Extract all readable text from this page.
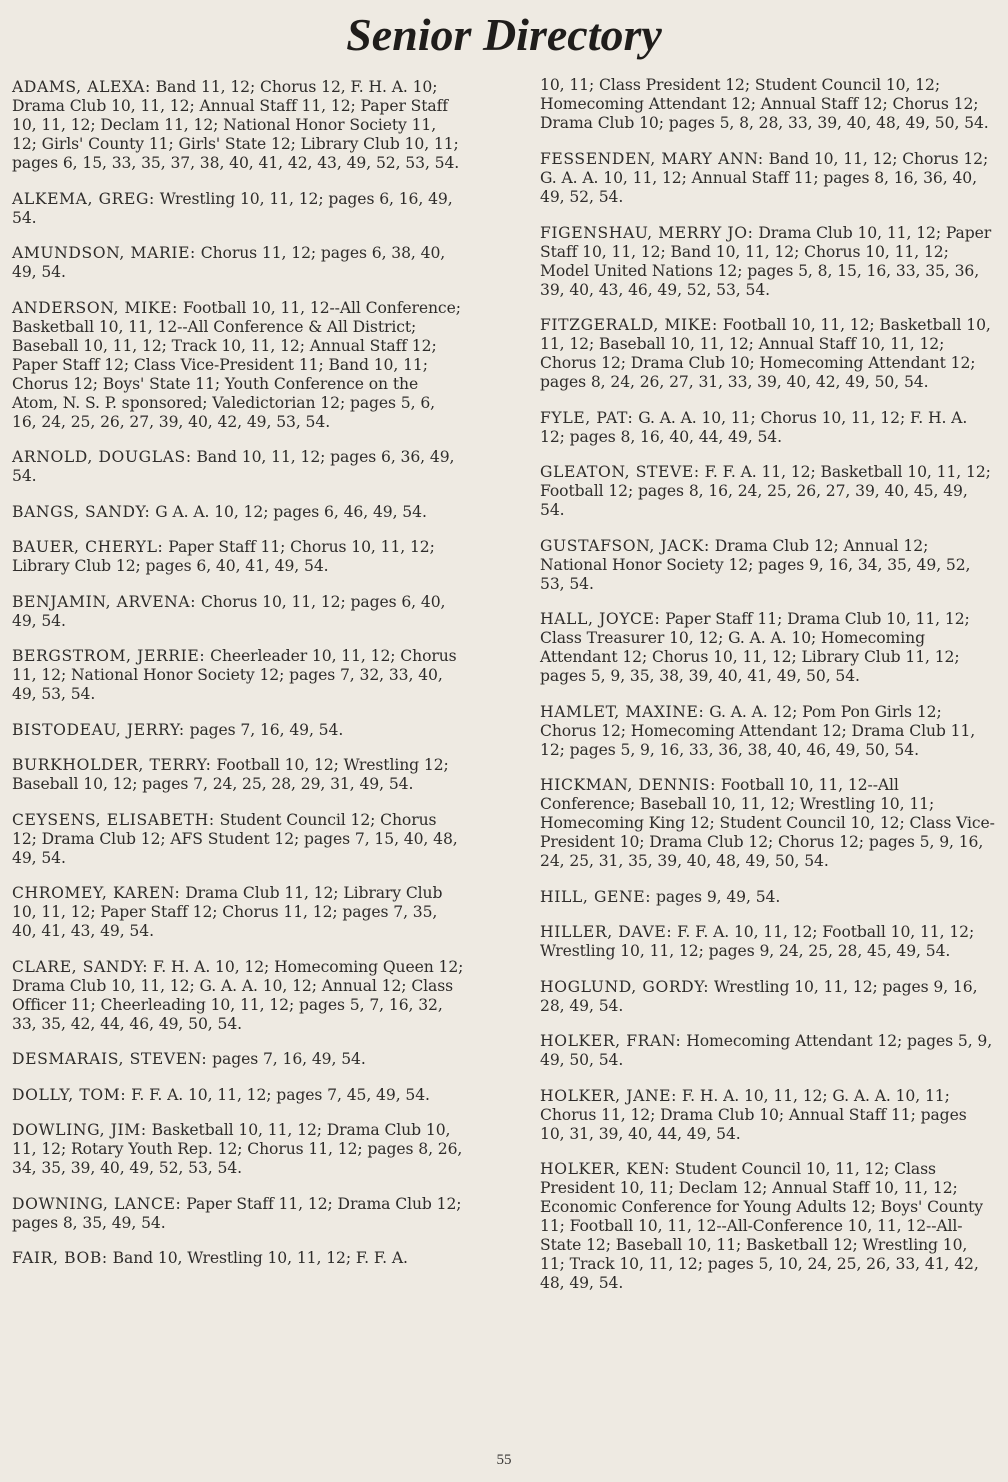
Senior Directory

ADAMS, ALEXA: Band 11, 12; Chorus 12, F. H. A. 10; Drama Club 10, 11, 12; Annual Staff 11, 12; Paper Staff 10, 11, 12; Declam 11, 12; National Honor Society 11, 12; Girls' County 11; Girls' State 12; Library Club 10, 11; pages 6, 15, 33, 35, 37, 38, 40, 41, 42, 43, 49, 52, 53, 54.

ALKEMA, GREG: Wrestling 10, 11, 12; pages 6, 16, 49, 54.

AMUNDSON, MARIE: Chorus 11, 12; pages 6, 38, 40, 49, 54.

ANDERSON, MIKE: Football 10, 11, 12--All Conference; Basketball 10, 11, 12--All Conference & All District; Baseball 10, 11, 12; Track 10, 11, 12; Annual Staff 12; Paper Staff 12; Class Vice-President 11; Band 10, 11; Chorus 12; Boys' State 11; Youth Conference on the Atom, N. S. P. sponsored; Valedictorian 12; pages 5, 6, 16, 24, 25, 26, 27, 39, 40, 42, 49, 53, 54.

ARNOLD, DOUGLAS: Band 10, 11, 12; pages 6, 36, 49, 54.

BANGS, SANDY: G A. A. 10, 12; pages 6, 46, 49, 54.

BAUER, CHERYL: Paper Staff 11; Chorus 10, 11, 12; Library Club 12; pages 6, 40, 41, 49, 54.

BENJAMIN, ARVENA: Chorus 10, 11, 12; pages 6, 40, 49, 54.

BERGSTROM, JERRIE: Cheerleader 10, 11, 12; Chorus 11, 12; National Honor Society 12; pages 7, 32, 33, 40, 49, 53, 54.

BISTODEAU, JERRY: pages 7, 16, 49, 54.

BURKHOLDER, TERRY: Football 10, 12; Wrestling 12; Baseball 10, 12; pages 7, 24, 25, 28, 29, 31, 49, 54.

CEYSENS, ELISABETH: Student Council 12; Chorus 12; Drama Club 12; AFS Student 12; pages 7, 15, 40, 48, 49, 54.

CHROMEY, KAREN: Drama Club 11, 12; Library Club 10, 11, 12; Paper Staff 12; Chorus 11, 12; pages 7, 35, 40, 41, 43, 49, 54.

CLARE, SANDY: F. H. A. 10, 12; Homecoming Queen 12; Drama Club 10, 11, 12; G. A. A. 10, 12; Annual 12; Class Officer 11; Cheerleading 10, 11, 12; pages 5, 7, 16, 32, 33, 35, 42, 44, 46, 49, 50, 54.

DESMARAIS, STEVEN: pages 7, 16, 49, 54.

DOLLY, TOM: F. F. A. 10, 11, 12; pages 7, 45, 49, 54.

DOWLING, JIM: Basketball 10, 11, 12; Drama Club 10, 11, 12; Rotary Youth Rep. 12; Chorus 11, 12; pages 8, 26, 34, 35, 39, 40, 49, 52, 53, 54.

DOWNING, LANCE: Paper Staff 11, 12; Drama Club 12; pages 8, 35, 49, 54.

FAIR, BOB: Band 10, Wrestling 10, 11, 12; F. F. A.

10, 11; Class President 12; Student Council 10, 12; Homecoming Attendant 12; Annual Staff 12; Chorus 12; Drama Club 10; pages 5, 8, 28, 33, 39, 40, 48, 49, 50, 54.

FESSENDEN, MARY ANN: Band 10, 11, 12; Chorus 12; G. A. A. 10, 11, 12; Annual Staff 11; pages 8, 16, 36, 40, 49, 52, 54.

FIGENSHAU, MERRY JO: Drama Club 10, 11, 12; Paper Staff 10, 11, 12; Band 10, 11, 12; Chorus 10, 11, 12; Model United Nations 12; pages 5, 8, 15, 16, 33, 35, 36, 39, 40, 43, 46, 49, 52, 53, 54.

FITZGERALD, MIKE: Football 10, 11, 12; Basketball 10, 11, 12; Baseball 10, 11, 12; Annual Staff 10, 11, 12; Chorus 12; Drama Club 10; Homecoming Attendant 12; pages 8, 24, 26, 27, 31, 33, 39, 40, 42, 49, 50, 54.

FYLE, PAT: G. A. A. 10, 11; Chorus 10, 11, 12; F. H. A. 12; pages 8, 16, 40, 44, 49, 54.

GLEATON, STEVE: F. F. A. 11, 12; Basketball 10, 11, 12; Football 12; pages 8, 16, 24, 25, 26, 27, 39, 40, 45, 49, 54.

GUSTAFSON, JACK: Drama Club 12; Annual 12; National Honor Society 12; pages 9, 16, 34, 35, 49, 52, 53, 54.

HALL, JOYCE: Paper Staff 11; Drama Club 10, 11, 12; Class Treasurer 10, 12; G. A. A. 10; Homecoming Attendant 12; Chorus 10, 11, 12; Library Club 11, 12; pages 5, 9, 35, 38, 39, 40, 41, 49, 50, 54.

HAMLET, MAXINE: G. A. A. 12; Pom Pon Girls 12; Chorus 12; Homecoming Attendant 12; Drama Club 11, 12; pages 5, 9, 16, 33, 36, 38, 40, 46, 49, 50, 54.

HICKMAN, DENNIS: Football 10, 11, 12--All Conference; Baseball 10, 11, 12; Wrestling 10, 11; Homecoming King 12; Student Council 10, 12; Class Vice-President 10; Drama Club 12; Chorus 12; pages 5, 9, 16, 24, 25, 31, 35, 39, 40, 48, 49, 50, 54.

HILL, GENE: pages 9, 49, 54.

HILLER, DAVE: F. F. A. 10, 11, 12; Football 10, 11, 12; Wrestling 10, 11, 12; pages 9, 24, 25, 28, 45, 49, 54.

HOGLUND, GORDY: Wrestling 10, 11, 12; pages 9, 16, 28, 49, 54.

HOLKER, FRAN: Homecoming Attendant 12; pages 5, 9, 49, 50, 54.

HOLKER, JANE: F. H. A. 10, 11, 12; G. A. A. 10, 11; Chorus 11, 12; Drama Club 10; Annual Staff 11; pages 10, 31, 39, 40, 44, 49, 54.

HOLKER, KEN: Student Council 10, 11, 12; Class President 10, 11; Declam 12; Annual Staff 10, 11, 12; Economic Conference for Young Adults 12; Boys' County 11; Football 10, 11, 12--All-Conference 10, 11, 12--All-State 12; Baseball 10, 11; Basketball 12; Wrestling 10, 11; Track 10, 11, 12; pages 5, 10, 24, 25, 26, 33, 41, 42, 48, 49, 54.

55
